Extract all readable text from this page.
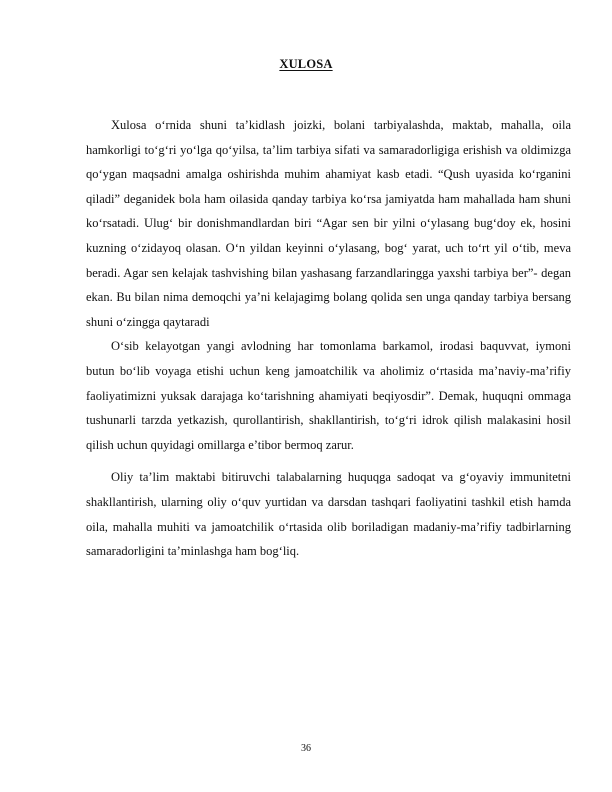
XULOSA

Xulosa o‘rnida shuni ta’kidlash joizki, bolani tarbiyalashda, maktab, mahalla, oila hamkorligi to‘g‘ri yo‘lga qo‘yilsa, ta’lim tarbiya sifati va samaradorligiga erishish va oldimizga qo‘ygan maqsadni amalga oshirishda muhim ahamiyat kasb etadi. “Qush uyasida ko‘rganini qiladi” deganidek bola ham oilasida qanday tarbiya ko‘rsa jamiyatda ham mahallada ham shuni ko‘rsatadi. Ulug‘ bir donishmandlardan biri “Agar sen bir yilni o‘ylasang bug‘doy ek, hosini kuzning o‘zidayoq olasan. O‘n yildan keyinni o‘ylasang, bog‘ yarat, uch to‘rt yil o‘tib, meva beradi. Agar sen kelajak tashvishing bilan yashasang farzandlaringga yaxshi tarbiya ber”- degan ekan. Bu bilan nima demoqchi ya’ni kelajagimg bolang qolida sen unga qanday tarbiya bersang shuni o‘zingga qaytaradi

O‘sib kelayotgan yangi avlodning har tomonlama barkamol, irodasi baquvvat, iymoni butun bo‘lib voyaga etishi uchun keng jamoatchilik va aholimiz o‘rtasida ma’naviy-ma’rifiy faoliyatimizni yuksak darajaga ko‘tarishning ahamiyati beqiyosdir”. Demak, huquqni ommaga tushunarli tarzda yetkazish, qurollantirish, shakllantirish, to‘g‘ri idrok qilish malakasini hosil qilish uchun quyidagi omillarga e’tibor bermoq zarur.

Oliy ta’lim maktabi bitiruvchi talabalarning huquqga sadoqat va g‘oyaviy immunitetni shakllantirish, ularning oliy o‘quv yurtidan va darsdan tashqari faoliyatini tashkil etish hamda oila, mahalla muhiti va jamoatchilik o‘rtasida olib boriladigan madaniy-ma’rifiy tadbirlarning samaradorligini ta’minlashga ham bog‘liq.

36
